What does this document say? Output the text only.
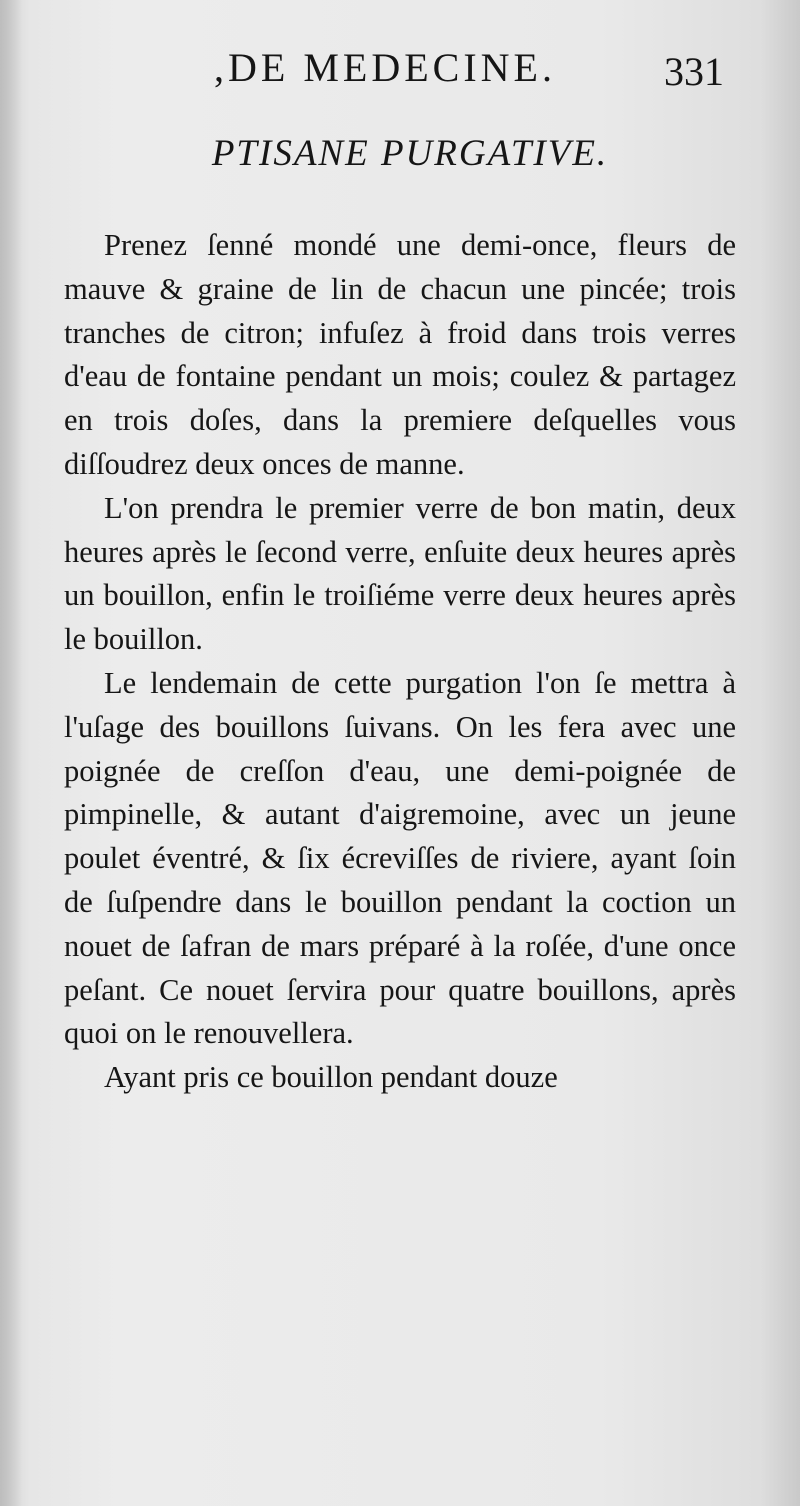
,DE MEDECINE.	331
PTISANE PURGATIVE.

Prenez ſenné mondé une demi-once, fleurs de mauve & graine de lin de chacun une pincée; trois tranches de citron; infuſez à froid dans trois verres d'eau de fontaine pendant un mois; coulez & partagez en trois doſes, dans la premiere deſquelles vous diſſoudrez deux onces de manne.

L'on prendra le premier verre de bon matin, deux heures après le ſecond verre, enſuite deux heures après un bouillon, enfin le troiſiéme verre deux heures après le bouillon.

Le lendemain de cette purgation l'on ſe mettra à l'uſage des bouillons ſuivans. On les fera avec une poignée de creſſon d'eau, une demi-poignée de pimpinelle, & autant d'aigremoine, avec un jeune poulet éventré, & ſix écreviſſes de riviere, ayant ſoin de ſuſpendre dans le bouillon pendant la coction un nouet de ſafran de mars préparé à la roſée, d'une once peſant. Ce nouet ſervira pour quatre bouillons, après quoi on le renouvellera.

Ayant pris ce bouillon pendant douze
